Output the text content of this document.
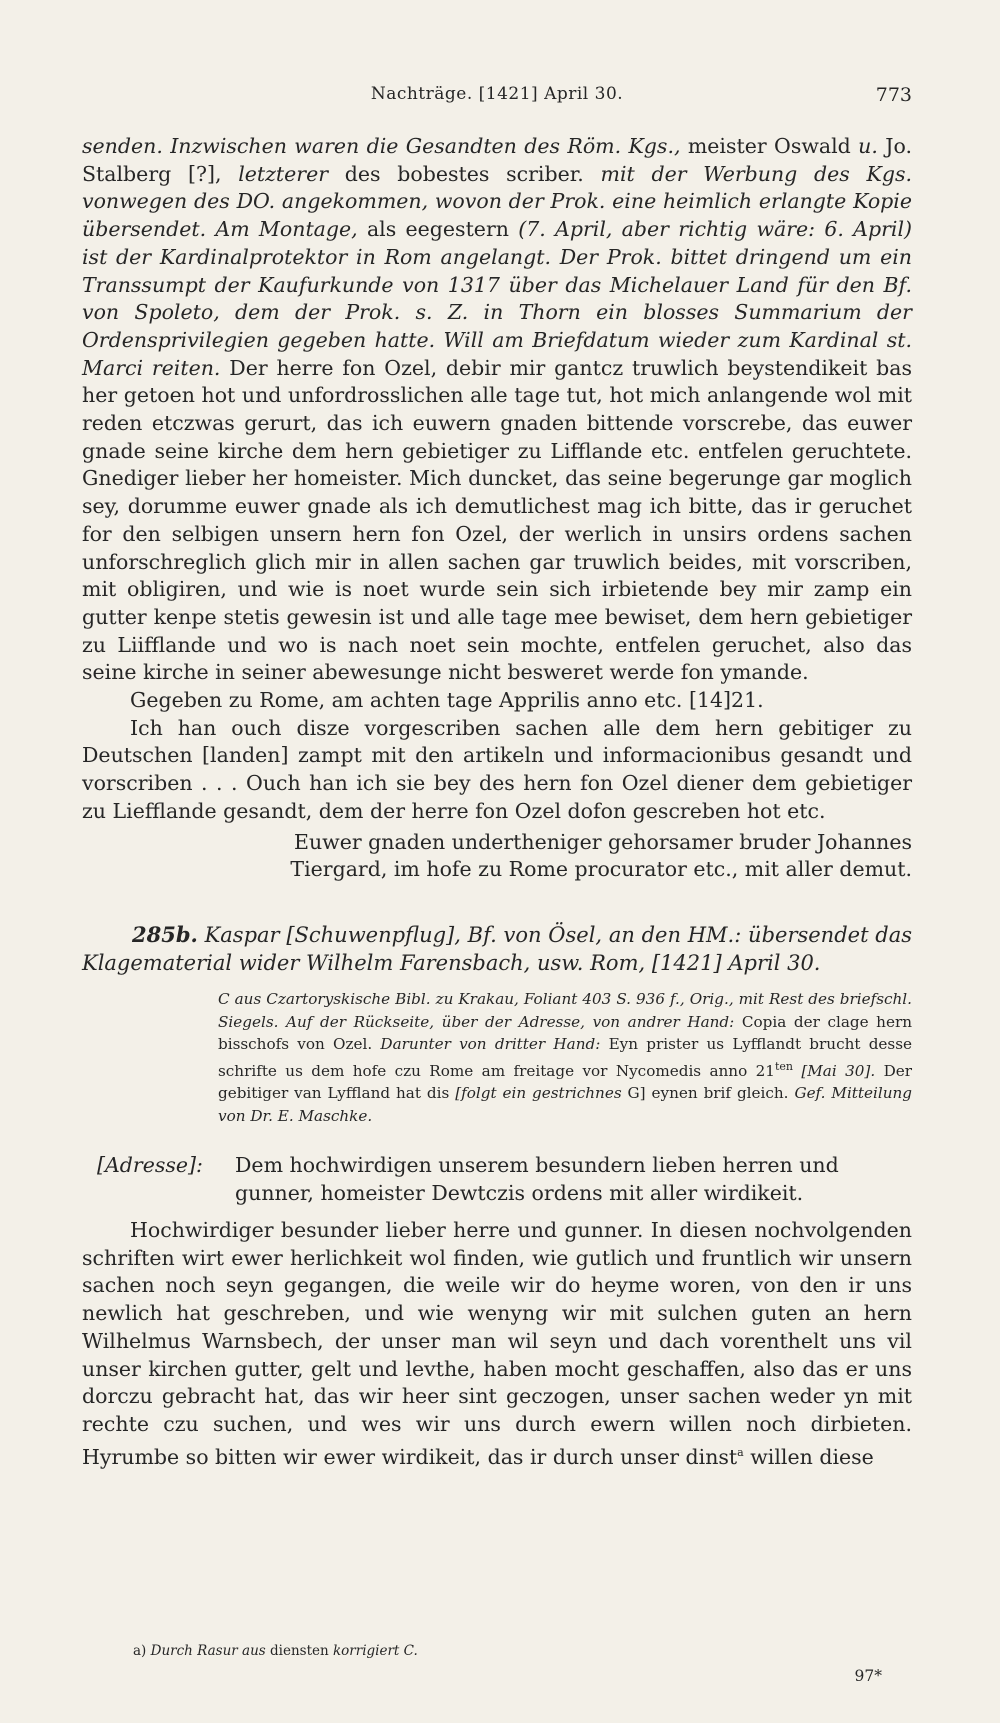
Nachträge. [1421] April 30.	773

senden. Inzwischen waren die Gesandten des Röm. Kgs., meister Oswald u. Jo. Stalberg [?], letzterer des bobestes scriber. mit der Werbung des Kgs. vonwegen des DO. angekommen, wovon der Prok. eine heimlich erlangte Kopie übersendet. Am Montage, als eegestern (7. April, aber richtig wäre: 6. April) ist der Kardinalprotektor in Rom angelangt. Der Prok. bittet dringend um ein Transsumpt der Kaufurkunde von 1317 über das Michelauer Land für den Bf. von Spoleto, dem der Prok. s. Z. in Thorn ein blosses Summarium der Ordensprivilegien gegeben hatte. Will am Briefdatum wieder zum Kardinal st. Marci reiten. Der herre fon Ozel, debir mir gantcz truwlich beystendikeit bas her getoen hot und unfordrosslichen alle tage tut, hot mich anlangende wol mit reden etczwas gerurt, das ich euwern gnaden bittende vorscrebe, das euwer gnade seine kirche dem hern gebietiger zu Lifflande etc. entfelen geruchtete. Gnediger lieber her homeister. Mich duncket, das seine begerunge gar moglich sey, dorumme euwer gnade als ich demutlichest mag ich bitte, das ir geruchet for den selbigen unsern hern fon Ozel, der werlich in unsirs ordens sachen unforschreglich glich mir in allen sachen gar truwlich beides, mit vorscriben, mit obligiren, und wie is noet wurde sein sich irbietende bey mir zamp ein gutter kenpe stetis gewesin ist und alle tage mee bewiset, dem hern gebietiger zu Liifflande und wo is nach noet sein mochte, entfelen geruchet, also das seine kirche in seiner abewesunge nicht besweret werde fon ymande.

Gegeben zu Rome, am achten tage Apprilis anno etc. [14]21.

Ich han ouch disze vorgescriben sachen alle dem hern gebitiger zu Deutschen [landen] zampt mit den artikeln und informacionibus gesandt und vorscriben . . . Ouch han ich sie bey des hern fon Ozel diener dem gebietiger zu Liefflande gesandt, dem der herre fon Ozel dofon gescreben hot etc.

Euwer gnaden undertheniger gehorsamer bruder Johannes

Tiergard, im hofe zu Rome procurator etc., mit aller demut.

285b. Kaspar [Schuwenpflug], Bf. von Ösel, an den HM.: übersendet das Klagematerial wider Wilhelm Farensbach, usw. Rom, [1421] April 30.

C aus Czartoryskische Bibl. zu Krakau, Foliant 403 S. 936 f., Orig., mit Rest des briefschl. Siegels. Auf der Rückseite, über der Adresse, von andrer Hand: Copia der clage hern bisschofs von Ozel. Darunter von dritter Hand: Eyn prister us Lyfflandt brucht desse schrifte us dem hofe czu Rome am freitage vor Nycomedis anno $21^{ten}$ [Mai 30]. Der gebitiger van Lyffland hat dis [folgt ein gestrichnes G] eynen brif gleich. Gef. Mitteilung von Dr. E. Maschke.
[Adresse]: Dem hochwirdigen unserem besundern lieben herren und gunner, homeister Dewtczis ordens mit aller wirdikeit.

Hochwirdiger besunder lieber herre und gunner. In diesen nochvolgenden schriften wirt ewer herlichkeit wol finden, wie gutlich und fruntlich wir unsern sachen noch seyn gegangen, die weile wir do heyme woren, von den ir uns newlich hat geschreben, und wie wenyng wir mit sulchen guten an hern Wilhelmus Warnsbech, der unser man wil seyn und dach vorenthelt uns vil unser kirchen gutter, gelt und levthe, haben mocht geschaffen, also das er uns dorczu gebracht hat, das wir heer sint geczogen, unser sachen weder yn mit rechte czu suchen, und wes wir uns durch ewern willen noch dirbieten. Hyrumbe so bitten wir ewer wirdikeit, das ir durch unser dinst$^a$ willen diese

a) Durch Rasur aus diensten korrigiert C.
97*
